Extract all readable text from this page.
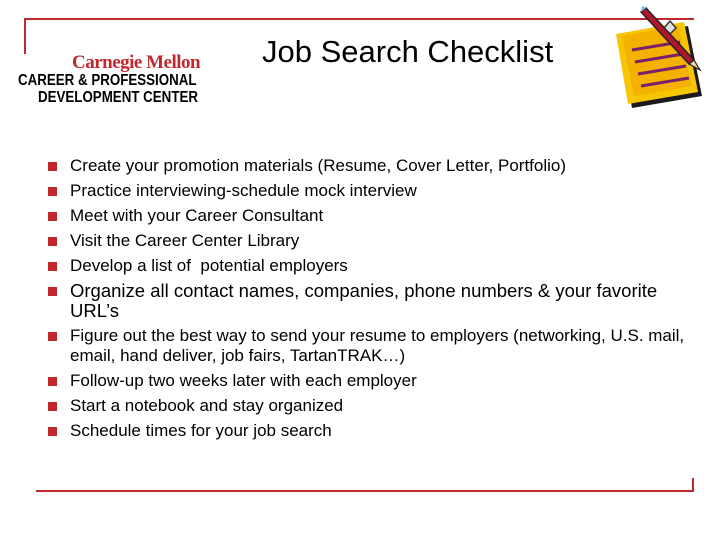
Carnegie Mellon
CAREER & PROFESSIONAL
DEVELOPMENT CENTER
Job Search Checklist
Create your promotion materials (Resume, Cover Letter, Portfolio)
Practice interviewing-schedule mock interview
Meet with your Career Consultant
Visit the Career Center Library
Develop a list of  potential employers
Organize all contact names, companies, phone numbers & your favorite URL’s
Figure out the best way to send your resume to employers (networking, U.S. mail, email, hand deliver, job fairs, TartanTRAK…)
Follow-up two weeks later with each employer
Start a notebook and stay organized
Schedule times for your job search
